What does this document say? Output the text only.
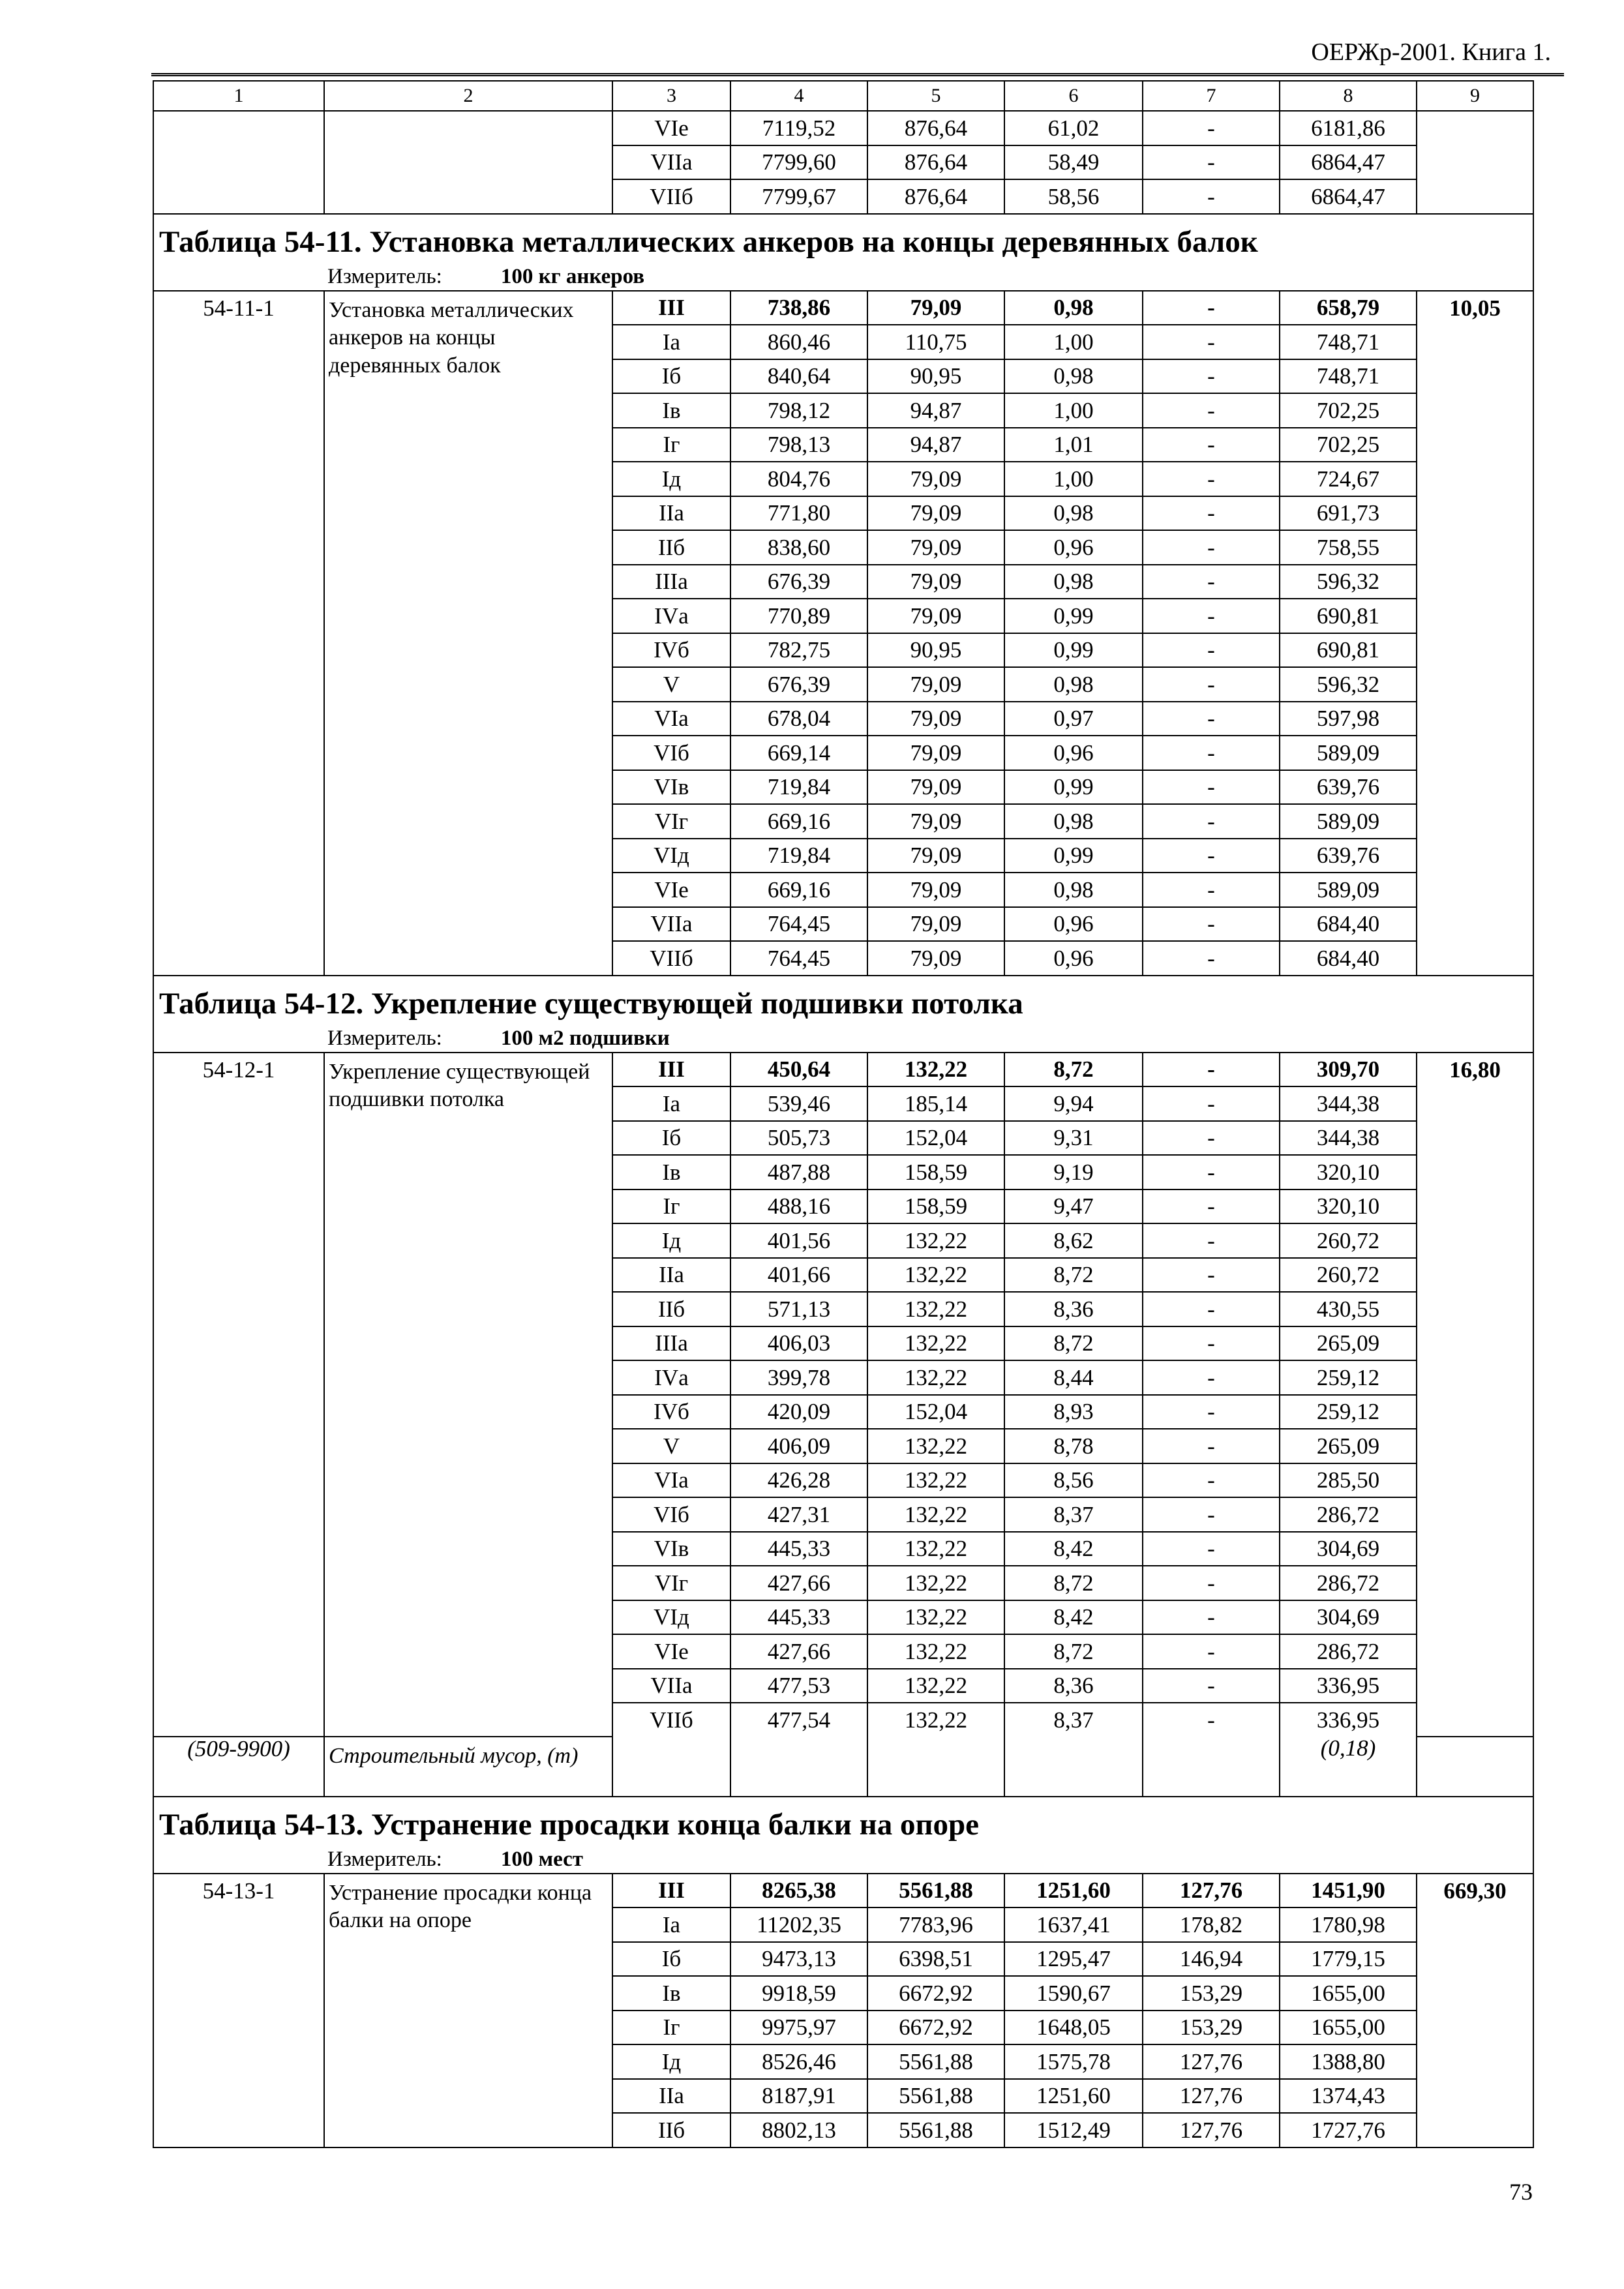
ОЕРЖр-2001. Книга 1.
1	2	3	4	5	6	7	8	9
		VIе	7119,52	876,64	61,02	-	6181,86	
		VIIа	7799,60	876,64	58,49	-	6864,47	
		VIIб	7799,67	876,64	58,56	-	6864,47	
Таблица 54-11. Установка металлических анкеров на концы деревянных балок								
Измеритель: 100 кг анкеров								
54-11-1	Установка металлических анкеров на концы деревянных балок	III	738,86	79,09	0,98	-	658,79	10,05
		Iа	860,46	110,75	1,00	-	748,71	
		Iб	840,64	90,95	0,98	-	748,71	
		Iв	798,12	94,87	1,00	-	702,25	
		Iг	798,13	94,87	1,01	-	702,25	
		Iд	804,76	79,09	1,00	-	724,67	
		IIа	771,80	79,09	0,98	-	691,73	
		IIб	838,60	79,09	0,96	-	758,55	
		IIIа	676,39	79,09	0,98	-	596,32	
		IVа	770,89	79,09	0,99	-	690,81	
		IVб	782,75	90,95	0,99	-	690,81	
		V	676,39	79,09	0,98	-	596,32	
		VIа	678,04	79,09	0,97	-	597,98	
		VIб	669,14	79,09	0,96	-	589,09	
		VIв	719,84	79,09	0,99	-	639,76	
		VIг	669,16	79,09	0,98	-	589,09	
		VIд	719,84	79,09	0,99	-	639,76	
		VIе	669,16	79,09	0,98	-	589,09	
		VIIа	764,45	79,09	0,96	-	684,40	
		VIIб	764,45	79,09	0,96	-	684,40	
Таблица 54-12. Укрепление существующей подшивки потолка								
Измеритель: 100 м2 подшивки								
54-12-1	Укрепление существующей подшивки потолка	III	450,64	132,22	8,72	-	309,70	16,80
		Iа	539,46	185,14	9,94	-	344,38	
		Iб	505,73	152,04	9,31	-	344,38	
		Iв	487,88	158,59	9,19	-	320,10	
		Iг	488,16	158,59	9,47	-	320,10	
		Iд	401,56	132,22	8,62	-	260,72	
		IIа	401,66	132,22	8,72	-	260,72	
		IIб	571,13	132,22	8,36	-	430,55	
		IIIа	406,03	132,22	8,72	-	265,09	
		IVа	399,78	132,22	8,44	-	259,12	
		IVб	420,09	152,04	8,93	-	259,12	
		V	406,09	132,22	8,78	-	265,09	
		VIа	426,28	132,22	8,56	-	285,50	
		VIб	427,31	132,22	8,37	-	286,72	
		VIв	445,33	132,22	8,42	-	304,69	
		VIг	427,66	132,22	8,72	-	286,72	
		VIд	445,33	132,22	8,42	-	304,69	
		VIе	427,66	132,22	8,72	-	286,72	
		VIIа	477,53	132,22	8,36	-	336,95	
		VIIб	477,54	132,22	8,37	-	336,95	
(509-9900)	Строительный мусор, (т)						(0,18)	
Таблица 54-13. Устранение просадки конца балки на опоре								
Измеритель: 100 мест								
54-13-1	Устранение просадки конца балки на опоре	III	8265,38	5561,88	1251,60	127,76	1451,90	669,30
		Iа	11202,35	7783,96	1637,41	178,82	1780,98	
		Iб	9473,13	6398,51	1295,47	146,94	1779,15	
		Iв	9918,59	6672,92	1590,67	153,29	1655,00	
		Iг	9975,97	6672,92	1648,05	153,29	1655,00	
		Iд	8526,46	5561,88	1575,78	127,76	1388,80	
		IIа	8187,91	5561,88	1251,60	127,76	1374,43	
		IIб	8802,13	5561,88	1512,49	127,76	1727,76	
73
